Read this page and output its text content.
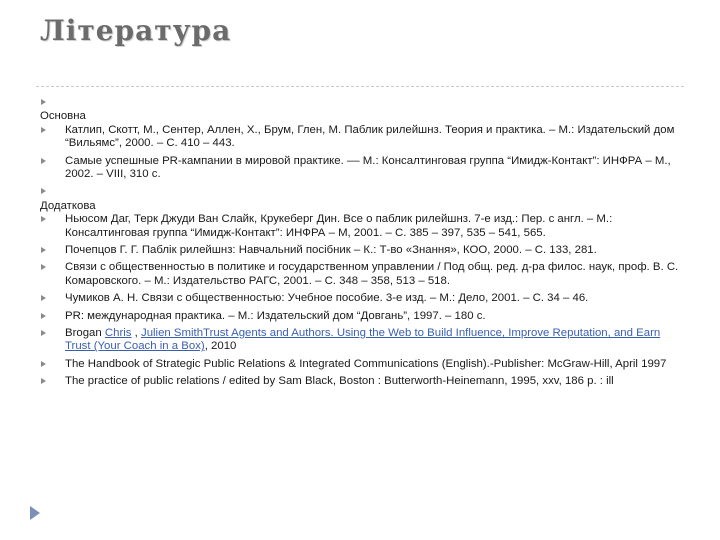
Література
Основна
Катлип, Скотт, М., Сентер, Аллен, Х., Брум, Глен, М. Паблик рилейшнз. Теория и практика. – М.: Издательский дом “Вильямс”, 2000. – С. 410 – 443.
Самые успешные PR-кампании в мировой практике. –– М.: Консалтинговая группа “Имидж-Контакт”: ИНФРА – М., 2002. – VIII, 310 с.
Додаткова
Ньюсом Даг, Терк Джуди Ван Слайк, Крукеберг Дин. Все о паблик рилейшнз. 7-е изд.: Пер. с англ. – М.: Консалтинговая группа “Имидж-Контакт”: ИНФРА – М, 2001. – С. 385 – 397, 535 – 541, 565.
Почепцов Г. Г. Паблік рилейшнз: Навчальний посібник – К.: Т-во «Знання», КОО, 2000. – С. 133, 281.
Связи с общественностью в политике и государственном управлении / Под общ. ред. д-ра филос. наук, проф. В. С. Комаровского. – М.: Издательство РАГС, 2001. – С. 348 – 358, 513 – 518.
Чумиков А. Н. Связи с общественностью: Учебное пособие. 3-е изд. – М.: Дело, 2001. – С. 34 – 46.
PR: международная практика. – М.: Издательский дом “Довгань”, 1997. – 180 с.
Brogan Chris , Julien SmithTrust Agents and Authors. Using the Web to Build Influence, Improve Reputation, and Earn Trust (Your Coach in a Box), 2010
The Handbook of Strategic Public Relations & Integrated Communications (English).-Publisher: McGraw-Hill, April 1997
The practice of public relations / edited by Sam Black, Boston : Butterworth-Heinemann, 1995, xxv, 186 p. : ill
